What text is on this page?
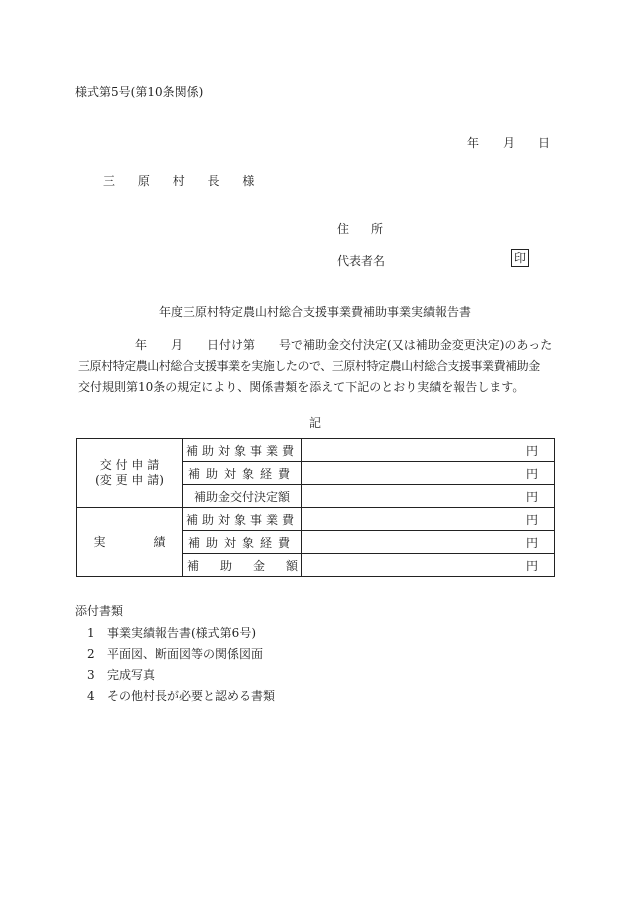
様式第5号(第10条関係)
年 月 日
三 原 村 長 様
住 所
代表者名	印
年度三原村特定農山村総合支援事業費補助事業実績報告書
年 月 日付け第 号で補助金交付決定(又は補助金変更決定)のあった
三原村特定農山村総合支援事業を実施したので、三原村特定農山村総合支援事業費補助金
交付規則第10条の規定により、関係書類を添えて下記のとおり実績を報告します。
記
交 付 申 請
(変 更 申 請)	補助対象事業費	円
	補助対象経費	円
	補助金交付決定額	円
実　　　　績	補助対象事業費	円
	補助対象経費	円
	補　　助　　金　　額	円
添付書類
1 事業実績報告書(様式第6号)
2 平面図、断面図等の関係図面
3 完成写真
4 その他村長が必要と認める書類
